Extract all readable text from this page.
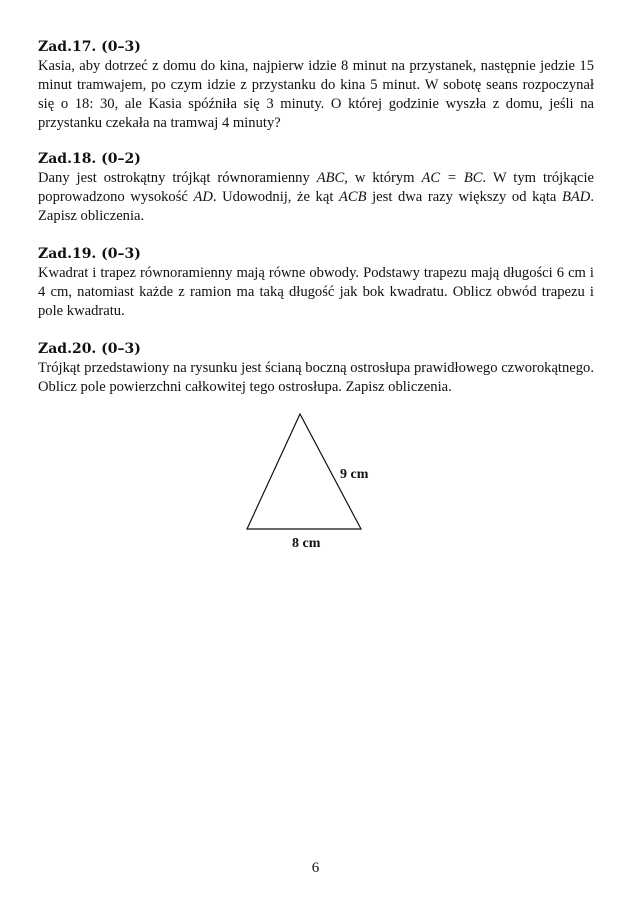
Zad.17. (0–3)

Kasia, aby dotrzeć z domu do kina, najpierw idzie 8 minut na przystanek, następnie jedzie 15 minut tramwajem, po czym idzie z przystanku do kina 5 minut. W sobotę seans rozpoczynał się o 18: 30, ale Kasia spóźniła się 3 minuty. O której godzinie wyszła z domu, jeśli na przystanku czekała na tramwaj 4 minuty?

Zad.18. (0–2)

Dany jest ostrokątny trójkąt równoramienny ABC, w którym AC = BC. W tym trójkącie poprowadzono wysokość AD. Udowodnij, że kąt ACB jest dwa razy większy od kąta BAD. Zapisz obliczenia.

Zad.19. (0–3)

Kwadrat i trapez równoramienny mają równe obwody. Podstawy trapezu mają długości 6 cm i 4 cm, natomiast każde z ramion ma taką długość jak bok kwadratu. Oblicz obwód trapezu i pole kwadratu.

Zad.20. (0–3)

Trójkąt przedstawiony na rysunku jest ścianą boczną ostrosłupa prawidłowego czworokątnego. Oblicz pole powierzchni całkowitej tego ostrosłupa. Zapisz obliczenia.

9 cm
8 cm
6
